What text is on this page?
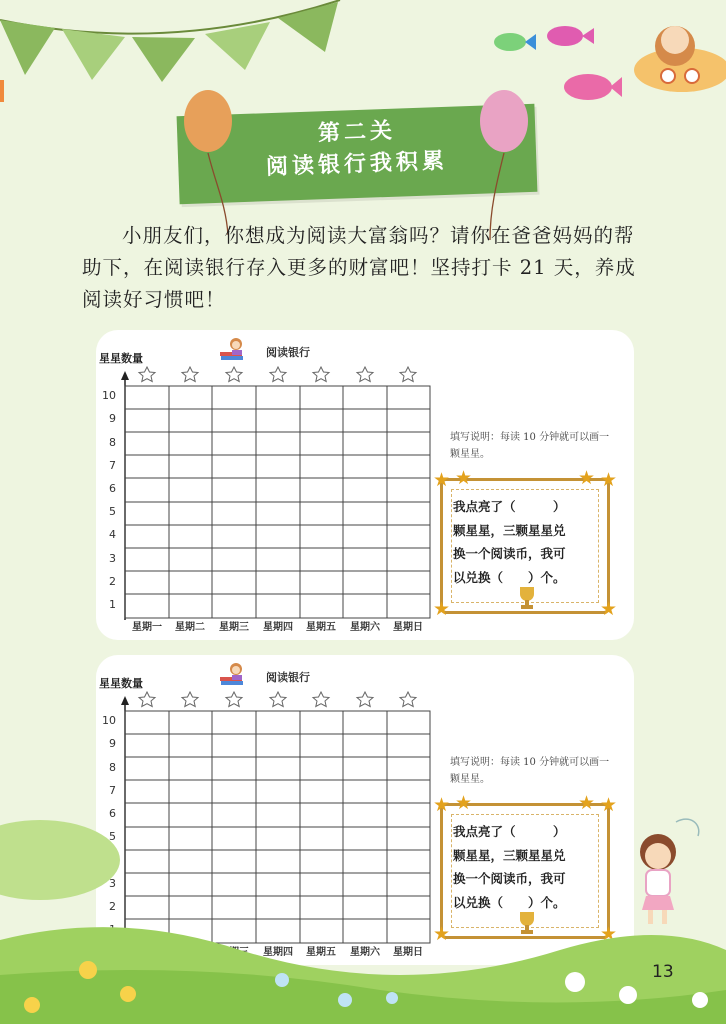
第二关
阅读银行我积累

小朋友们，你想成为阅读大富翁吗？请你在爸爸妈妈的帮助下，在阅读银行存入更多的财富吧！坚持打卡 21 天，养成阅读好习惯吧！

阅读银行
星星数量
10
9
8
7
6
5
4
3
2
1
星期一 星期二 星期三 星期四 星期五 星期六 星期日
填写说明：每读 10 分钟就可以画一颗星星。
★ ★	★ ★
★	★
我点亮了（　　　）
颗星星，三颗星星兑
换一个阅读币，我可
以兑换（　　）个。
阅读银行
星星数量
10
9
8
7
6
5
3
2
星期四 星期五 星期六 星期日
填写说明：每读 10 分钟就可以画一颗星星。
★ ★	★ ★
★	★
我点亮了（　　　）
颗星星，三颗星星兑
换一个阅读币，我可
以兑换（　　）个。
13
